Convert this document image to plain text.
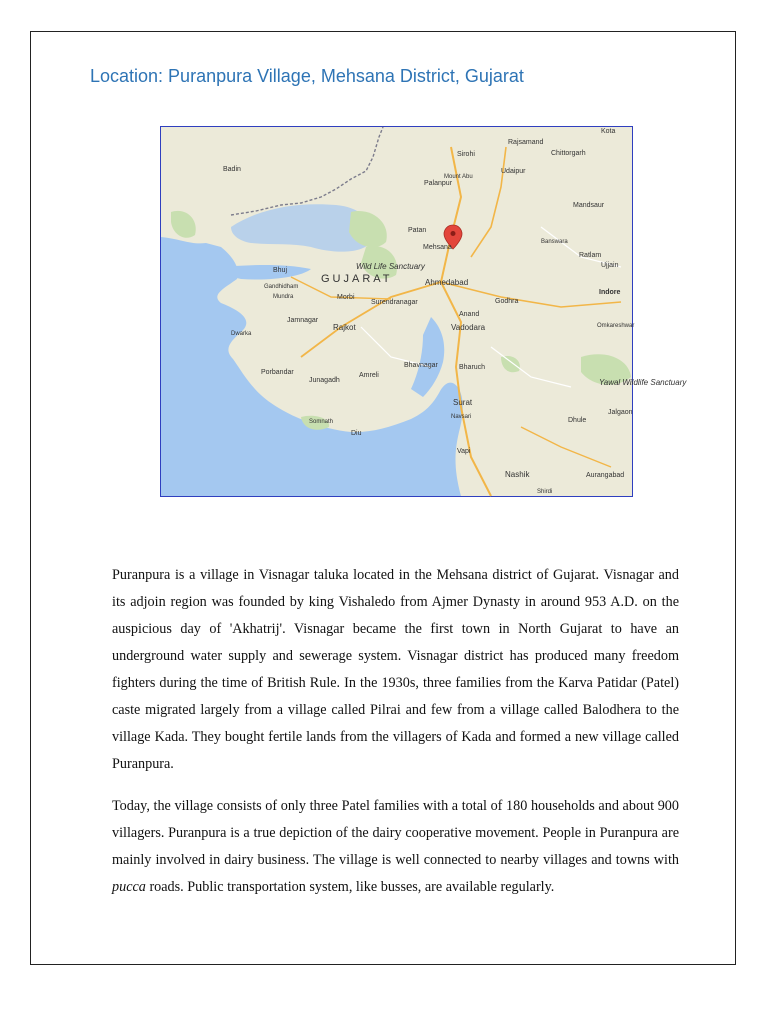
Location: Puranpura Village, Mehsana District, Gujarat
GUJARAT
Wild Life Sanctuary
Yawal Wildlife Sanctuary
Mehsana
Badin
Rajsamand
Chittorgarh
Kota
Sirohi
Mount Abu
Udaipur
Palanpur
Patan
Banswara
Mandsaur
Ratlam
Ujjain
Indore
Bhuj
Gandhidham
Mundra	Morbi
Surendranagar
Ahmedabad
Godhra
Anand
Vadodara
Jamnagar
Dwarka
Rajkot
Bhavnagar	Bharuch
Porbandar
Junagadh
Amreli
Surat
Navsari
Somnath
Diu
Dhule
Jalgaon
Vapi
Nashik	Aurangabad
Shirdi
Omkareshwar

Puranpura is a village in Visnagar taluka located in the Mehsana district of Gujarat. Visnagar and its adjoin region was founded by king Vishaledo from Ajmer Dynasty in around 953 A.D. on the auspicious day of 'Akhatrij'. Visnagar became the first town in North Gujarat to have an underground water supply and sewerage system. Visnagar district has produced many freedom fighters during the time of British Rule. In the 1930s, three families from the Karva Patidar (Patel) caste migrated largely from a village called Pilrai and few from a village called Balodhera to the village Kada. They bought fertile lands from the villagers of Kada and formed a new village called Puranpura.

Today, the village consists of only three Patel families with a total of 180 households and about 900 villagers. Puranpura is a true depiction of the dairy cooperative movement. People in Puranpura are mainly involved in dairy business. The village is well connected to nearby villages and towns with pucca roads. Public transportation system, like busses, are available regularly.
